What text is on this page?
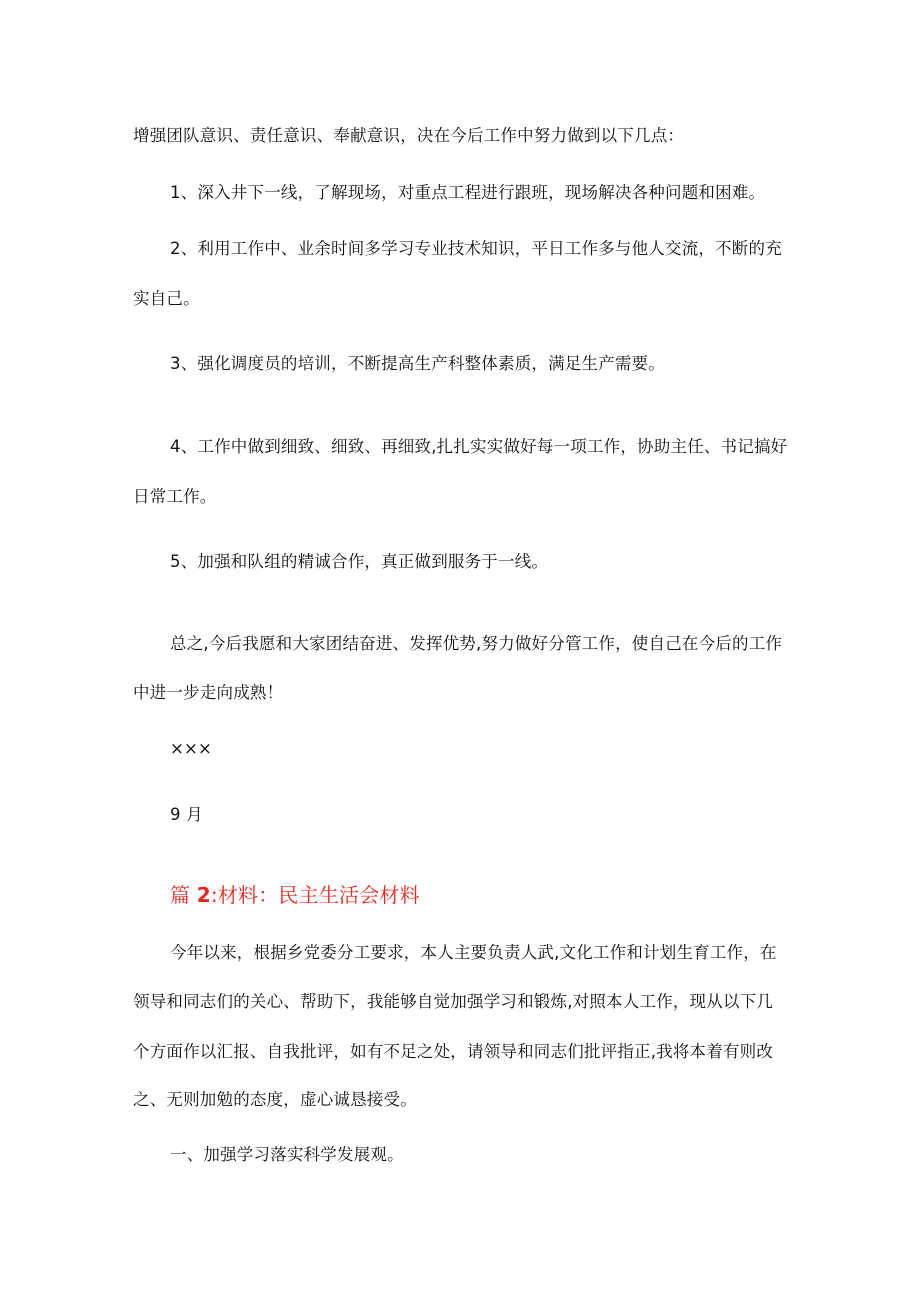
增强团队意识、责任意识、奉献意识，决在今后工作中努力做到以下几点：
1、深入井下一线，了解现场，对重点工程进行跟班，现场解决各种问题和困难。
2、利用工作中、业余时间多学习专业技术知识，平日工作多与他人交流，不断的充
实自己。
3、强化调度员的培训，不断提高生产科整体素质，满足生产需要。
4、工作中做到细致、细致、再细致,扎扎实实做好每一项工作，协助主任、书记搞好
日常工作。
5、加强和队组的精诚合作，真正做到服务于一线。
总之,今后我愿和大家团结奋进、发挥优势,努力做好分管工作，使自己在今后的工作
中进一步走向成熟！
×××
9 月
篇 2:材料：民主生活会材料
今年以来，根据乡党委分工要求，本人主要负责人武,文化工作和计划生育工作，在
领导和同志们的关心、帮助下，我能够自觉加强学习和锻炼,对照本人工作，现从以下几
个方面作以汇报、自我批评，如有不足之处，请领导和同志们批评指正,我将本着有则改
之、无则加勉的态度，虚心诚恳接受。
一、加强学习落实科学发展观。
